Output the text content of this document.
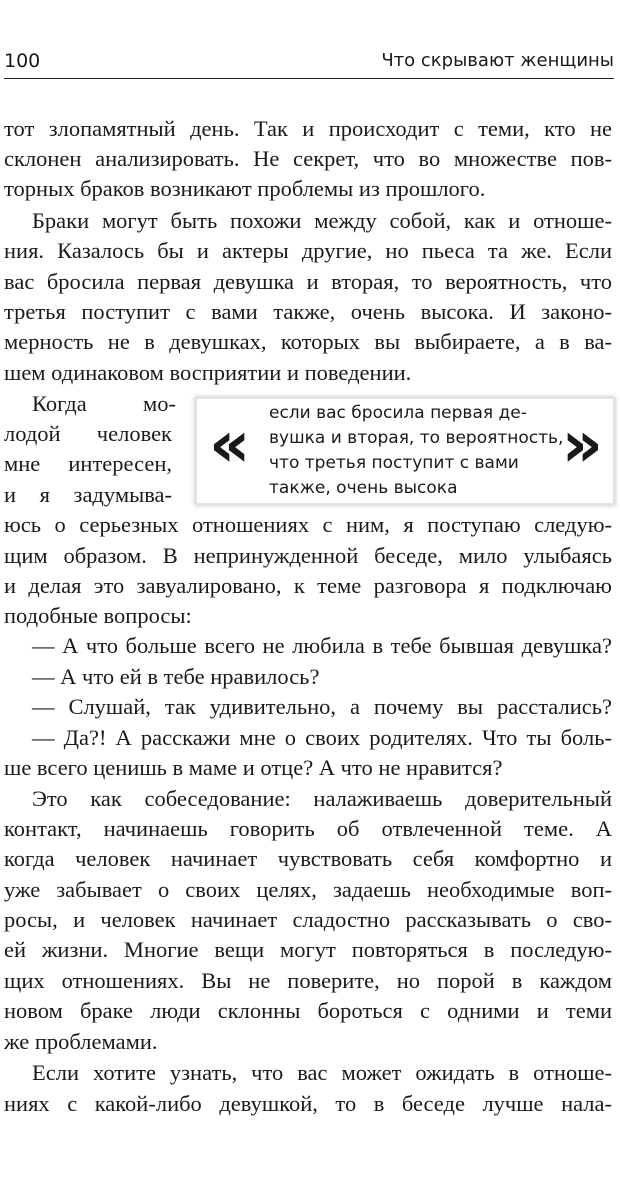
100	Что скрывают женщины
тот злопамятный день. Так и происходит с теми, кто не
склонен анализировать. Не секрет, что во множестве пов-
торных браков возникают проблемы из прошлого.
Браки могут быть похожи между собой, как и отноше-
ния. Казалось бы и актеры другие, но пьеса та же. Если
вас бросила первая девушка и вторая, то вероятность, что
третья поступит с вами также, очень высока. И законо-
мерность не в девушках, которых вы выбираете, а в ва-
шем одинаковом восприятии и поведении.
Когда мо-
лодой человек
мне интересен,
и я задумыва-
юсь о серьезных отношениях с ним, я поступаю следую-
щим образом. В непринужденной беседе, мило улыбаясь
и делая это завуалировано, к теме разговора я подключаю
подобные вопросы:
— А что больше всего не любила в тебе бывшая девушка?
— А что ей в тебе нравилось?
— Слушай, так удивительно, а почему вы расстались?
— Да?! А расскажи мне о своих родителях. Что ты боль-
ше всего ценишь в маме и отце? А что не нравится?
Это как собеседование: налаживаешь доверительный
контакт, начинаешь говорить об отвлеченной теме. А
когда человек начинает чувствовать себя комфортно и
уже забывает о своих целях, задаешь необходимые воп-
росы, и человек начинает сладостно рассказывать о сво-
ей жизни. Многие вещи могут повторяться в последую-
щих отношениях. Вы не поверите, но порой в каждом
новом браке люди склонны бороться с одними и теми
же проблемами.
Если хотите узнать, что вас может ожидать в отноше-
ниях с какой-либо девушкой, то в беседе лучше нала-
« если вас бросила первая де-
вушка и вторая, то вероятность,
что третья поступит с вами
также, очень высока
»
